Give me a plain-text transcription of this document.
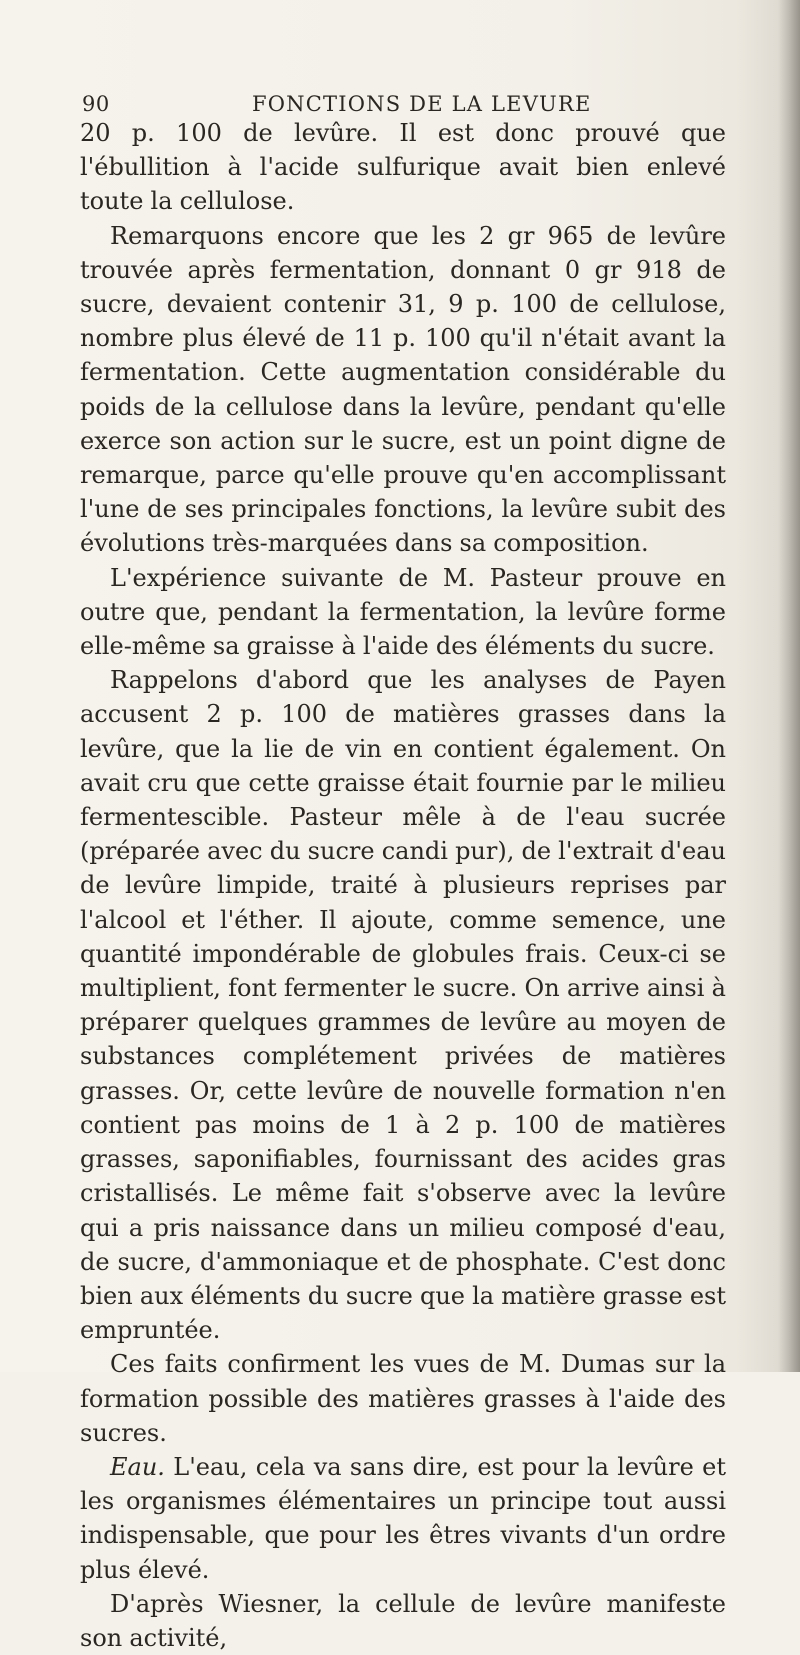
90	FONCTIONS DE LA LEVURE

20 p. 100 de levûre. Il est donc prouvé que l'ébullition à l'acide sulfurique avait bien enlevé toute la cellulose.

Remarquons encore que les 2 gr 965 de levûre trouvée après fermentation, donnant 0 gr 918 de sucre, devaient contenir 31, 9 p. 100 de cellulose, nombre plus élevé de 11 p. 100 qu'il n'était avant la fermentation. Cette augmentation considérable du poids de la cellulose dans la levûre, pendant qu'elle exerce son action sur le sucre, est un point digne de remarque, parce qu'elle prouve qu'en accomplissant l'une de ses principales fonctions, la levûre subit des évolutions très-marquées dans sa composition.

L'expérience suivante de M. Pasteur prouve en outre que, pendant la fermentation, la levûre forme elle-même sa graisse à l'aide des éléments du sucre.

Rappelons d'abord que les analyses de Payen accusent 2 p. 100 de matières grasses dans la levûre, que la lie de vin en contient également. On avait cru que cette graisse était fournie par le milieu fermentescible. Pasteur mêle à de l'eau sucrée (préparée avec du sucre candi pur), de l'extrait d'eau de levûre limpide, traité à plusieurs reprises par l'alcool et l'éther. Il ajoute, comme semence, une quantité impondérable de globules frais. Ceux-ci se multiplient, font fermenter le sucre. On arrive ainsi à préparer quelques grammes de levûre au moyen de substances complétement privées de matières grasses. Or, cette levûre de nouvelle formation n'en contient pas moins de 1 à 2 p. 100 de matières grasses, saponifiables, fournissant des acides gras cristallisés. Le même fait s'observe avec la levûre qui a pris naissance dans un milieu composé d'eau, de sucre, d'ammoniaque et de phosphate. C'est donc bien aux éléments du sucre que la matière grasse est empruntée.

Ces faits confirment les vues de M. Dumas sur la formation possible des matières grasses à l'aide des sucres.

Eau. L'eau, cela va sans dire, est pour la levûre et les organismes élémentaires un principe tout aussi indispensable, que pour les êtres vivants d'un ordre plus élevé.

D'après Wiesner, la cellule de levûre manifeste son activité,
